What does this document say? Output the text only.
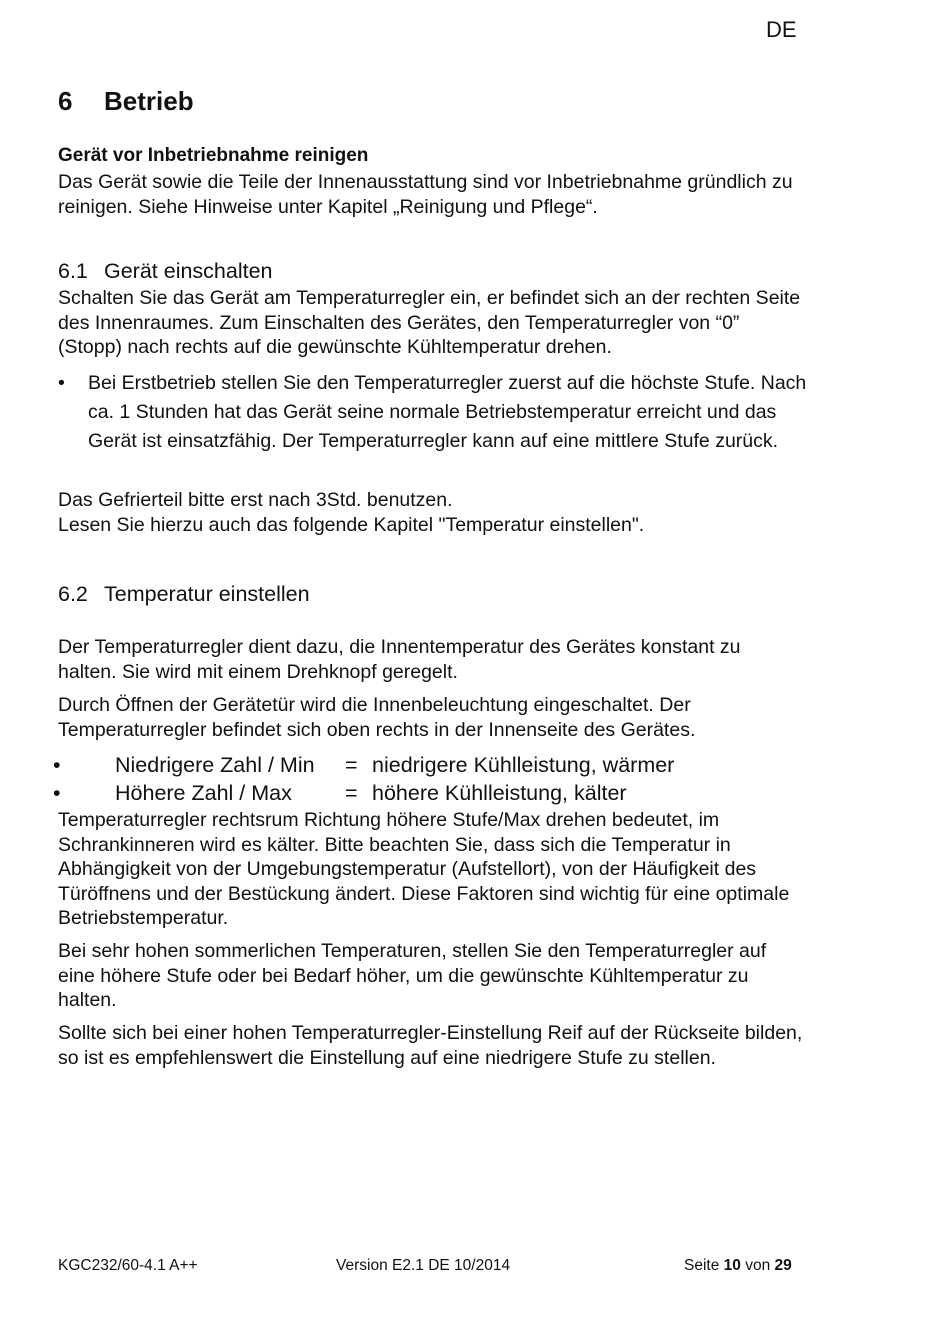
DE
6 Betrieb
Gerät vor Inbetriebnahme reinigen
Das Gerät sowie die Teile der Innenausstattung sind vor Inbetriebnahme gründlich zu
reinigen. Siehe Hinweise unter Kapitel „Reinigung und Pflege“.
6.1 Gerät einschalten
Schalten Sie das Gerät am Temperaturregler ein, er befindet sich an der rechten Seite
des Innenraumes. Zum Einschalten des Gerätes, den Temperaturregler von “0”
(Stopp) nach rechts auf die gewünschte Kühltemperatur drehen.
•	Bei Erstbetrieb stellen Sie den Temperaturregler zuerst auf die höchste Stufe. Nach
ca. 1 Stunden hat das Gerät seine normale Betriebstemperatur erreicht und das
Gerät ist einsatzfähig. Der Temperaturregler kann auf eine mittlere Stufe zurück.
Das Gefrierteil bitte erst nach 3Std. benutzen.
Lesen Sie hierzu auch das folgende Kapitel "Temperatur einstellen".
6.2 Temperatur einstellen
Der Temperaturregler dient dazu, die Innentemperatur des Gerätes konstant zu
halten. Sie wird mit einem Drehknopf geregelt.
Durch Öffnen der Gerätetür wird die Innenbeleuchtung eingeschaltet. Der
Temperaturregler befindet sich oben rechts in der Innenseite des Gerätes.
•	Niedrigere Zahl / Min = niedrigere Kühlleistung, wärmer
•	Höhere Zahl / Max = höhere Kühlleistung, kälter
Temperaturregler rechtsrum Richtung höhere Stufe/Max drehen bedeutet, im
Schrankinneren wird es kälter. Bitte beachten Sie, dass sich die Temperatur in
Abhängigkeit von der Umgebungstemperatur (Aufstellort), von der Häufigkeit des
Türöffnens und der Bestückung ändert. Diese Faktoren sind wichtig für eine optimale
Betriebstemperatur.
Bei sehr hohen sommerlichen Temperaturen, stellen Sie den Temperaturregler auf
eine höhere Stufe oder bei Bedarf höher, um die gewünschte Kühltemperatur zu
halten.
Sollte sich bei einer hohen Temperaturregler-Einstellung Reif auf der Rückseite bilden,
so ist es empfehlenswert die Einstellung auf eine niedrigere Stufe zu stellen.
KGC232/60-4.1 A++	Version E2.1 DE 10/2014	Seite 10 von 29
